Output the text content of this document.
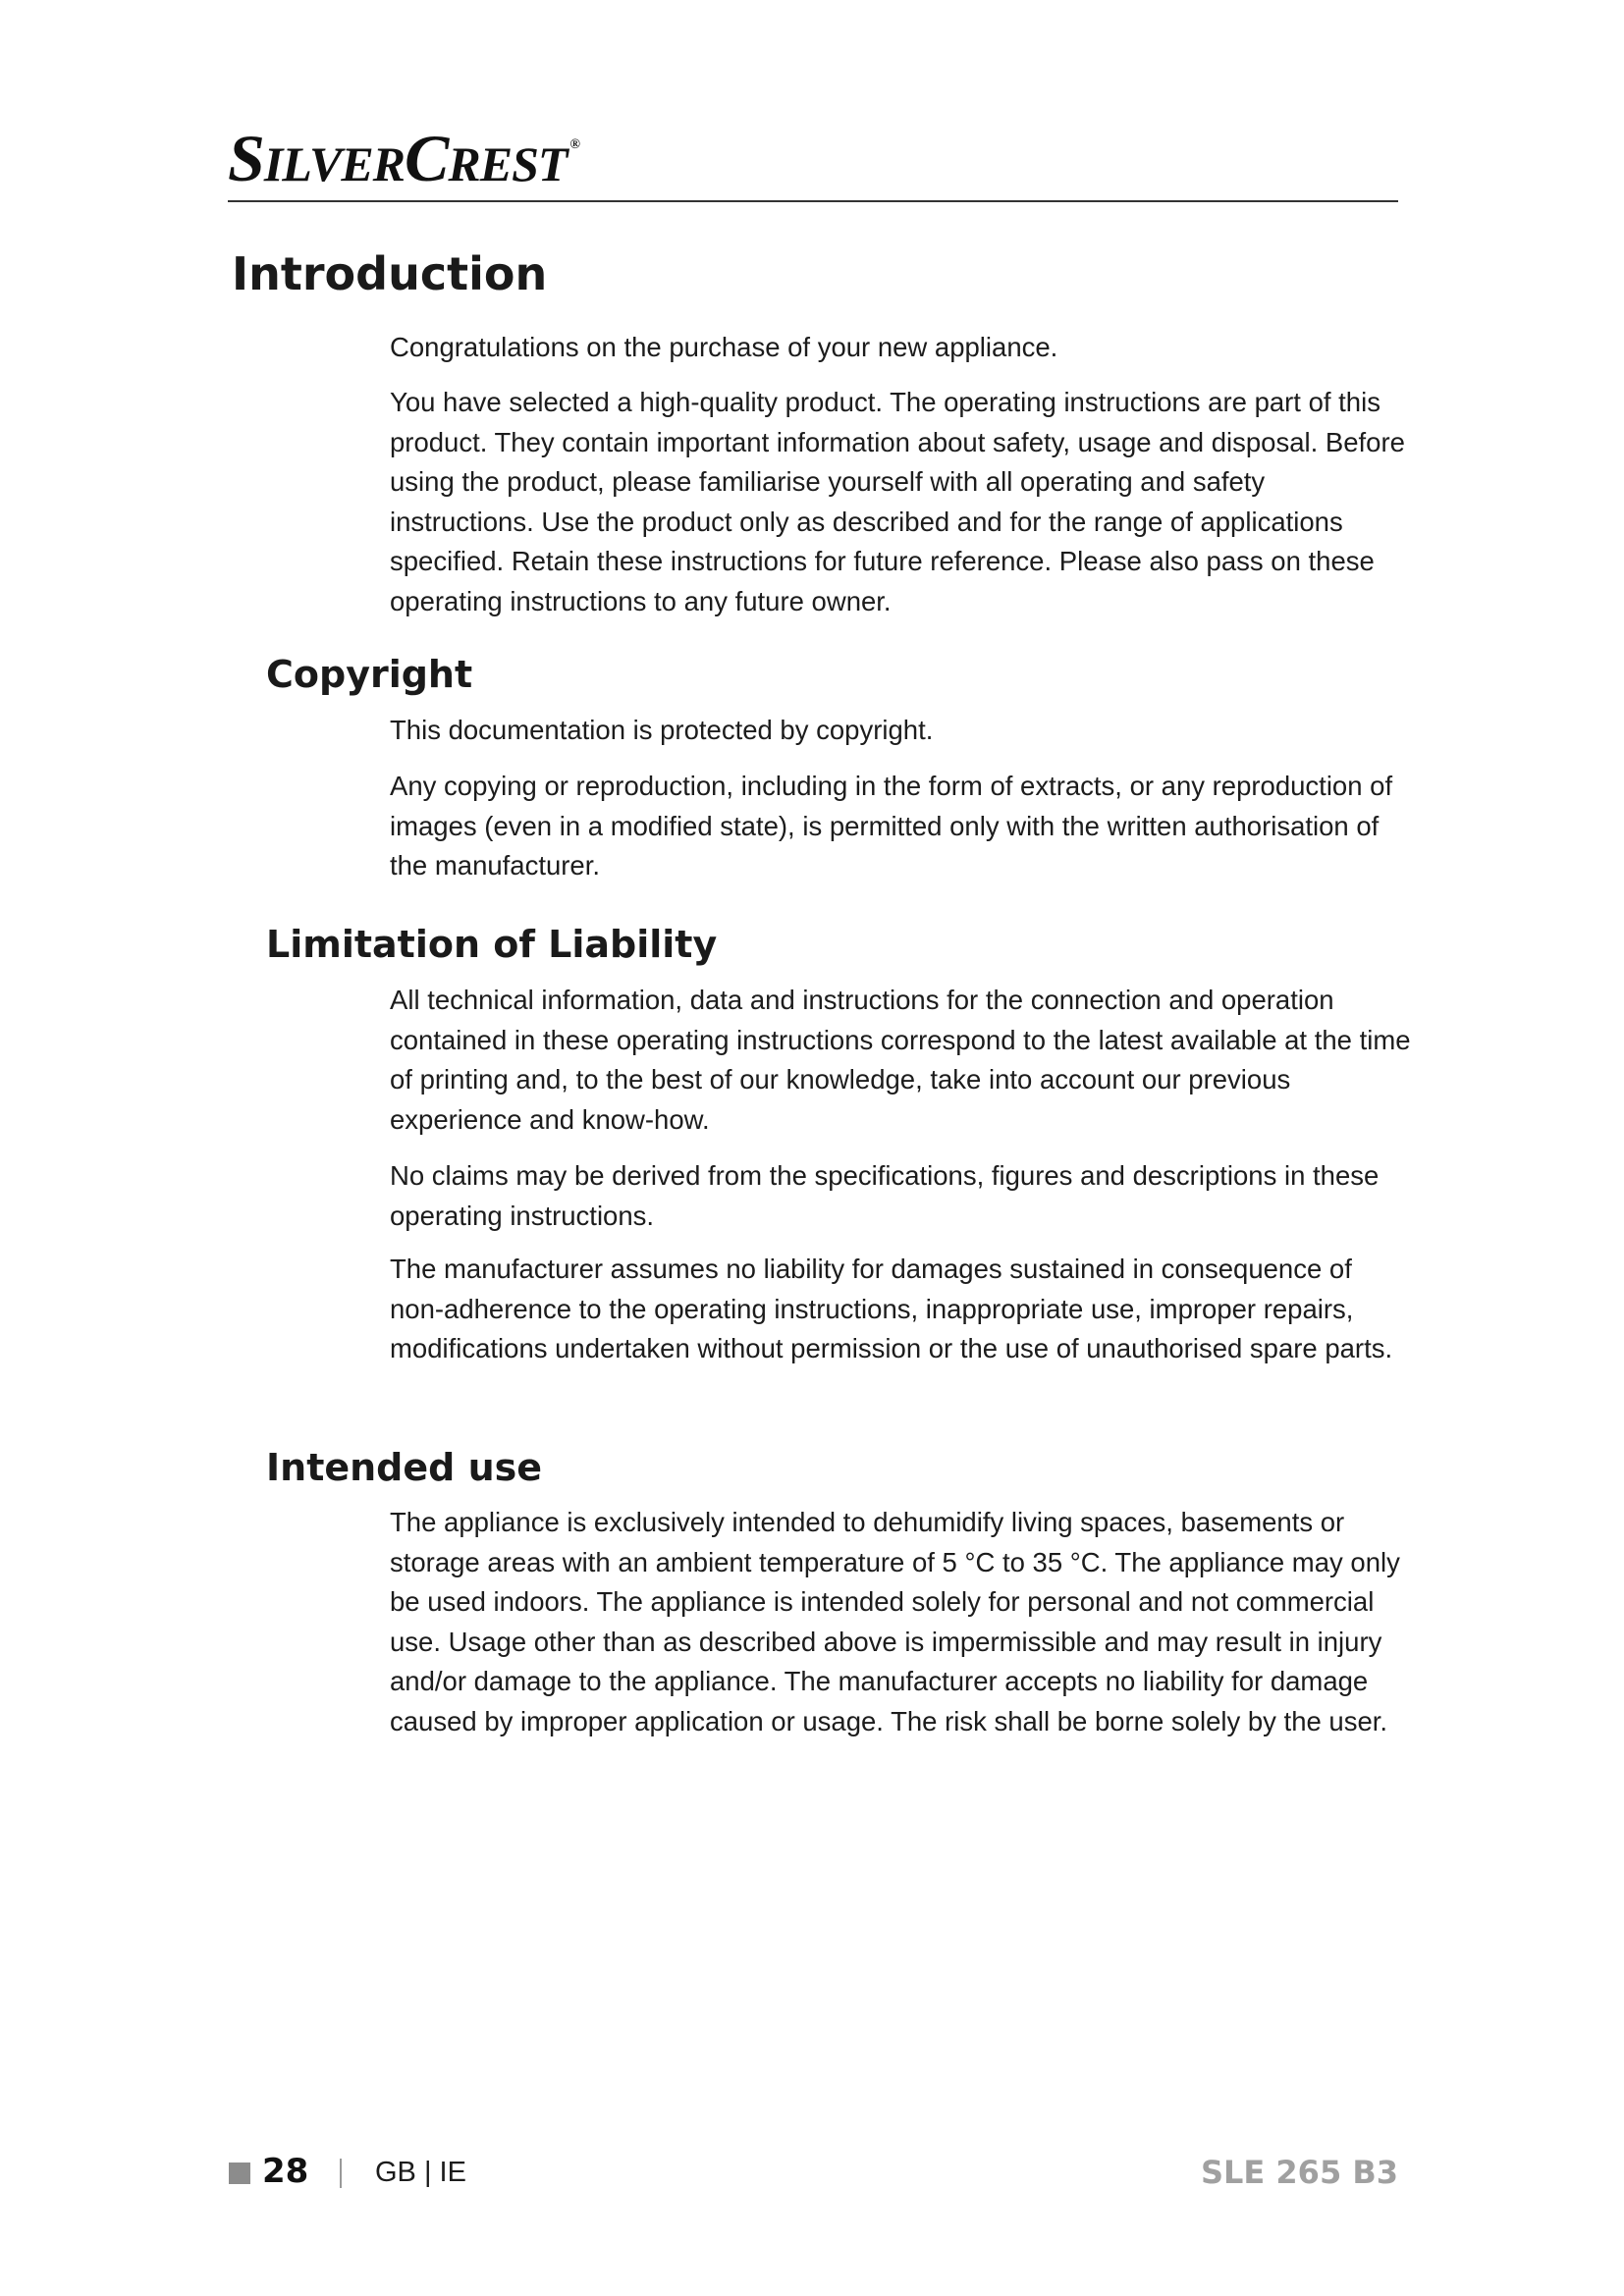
SILVERCREST ®
Introduction

Congratulations on the purchase of your new appliance.

You have selected a high-quality product. The operating instructions are part of this product. They contain important information about safety, usage and disposal. Before using the product, please familiarise yourself with all operating and safety instructions. Use the product only as described and for the range of applications specified. Retain these instructions for future reference. Please also pass on these operating instructions to any future owner.

Copyright

This documentation is protected by copyright.

Any copying or reproduction, including in the form of extracts, or any reproduction of images (even in a modified state), is permitted only with the written authorisation of the manufacturer.

Limitation of Liability

All technical information, data and instructions for the connection and operation contained in these operating instructions correspond to the latest available at the time of printing and, to the best of our knowledge, take into account our previous experience and know-how.

No claims may be derived from the specifications, figures and descriptions in these operating instructions.

The manufacturer assumes no liability for damages sustained in consequence of non-adherence to the operating instructions, inappropriate use, improper repairs, modifications undertaken without permission or the use of unauthorised spare parts.

Intended use

The appliance is exclusively intended to dehumidify living spaces, basements or storage areas with an ambient temperature of 5 °C to 35 °C. The appliance may only be used indoors. The appliance is intended solely for personal and not commercial use. Usage other than as described above is impermissible and may result in injury and/or damage to the appliance. The manufacturer accepts no liability for damage caused by improper application or usage. The risk shall be borne solely by the user.

28 GB | IE	SLE 265 B3
